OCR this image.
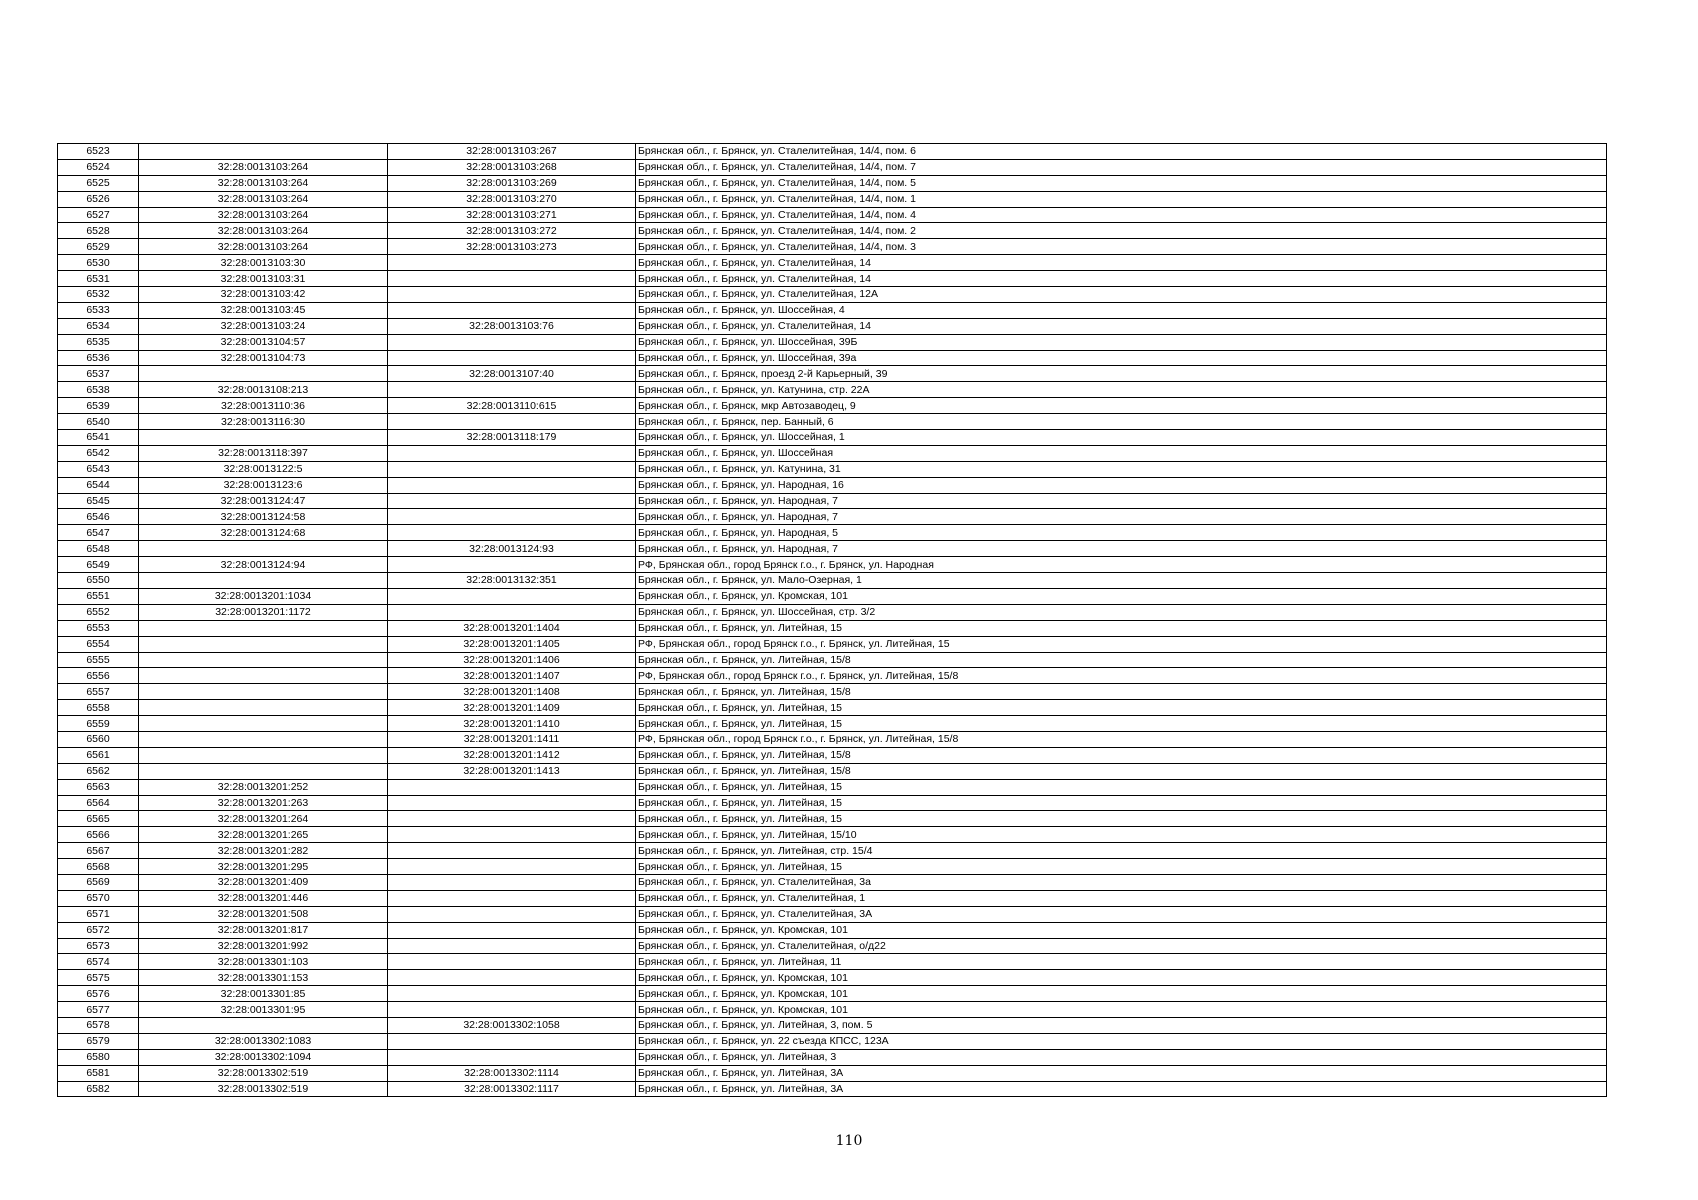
6523		32:28:0013103:267	Брянская обл., г. Брянск, ул. Сталелитейная, 14/4, пом. 6
6524	32:28:0013103:264	32:28:0013103:268	Брянская обл., г. Брянск, ул. Сталелитейная, 14/4, пом. 7
6525	32:28:0013103:264	32:28:0013103:269	Брянская обл., г. Брянск, ул. Сталелитейная, 14/4, пом. 5
6526	32:28:0013103:264	32:28:0013103:270	Брянская обл., г. Брянск, ул. Сталелитейная, 14/4, пом. 1
6527	32:28:0013103:264	32:28:0013103:271	Брянская обл., г. Брянск, ул. Сталелитейная, 14/4, пом. 4
6528	32:28:0013103:264	32:28:0013103:272	Брянская обл., г. Брянск, ул. Сталелитейная, 14/4, пом. 2
6529	32:28:0013103:264	32:28:0013103:273	Брянская обл., г. Брянск, ул. Сталелитейная, 14/4, пом. 3
6530	32:28:0013103:30		Брянская обл., г. Брянск, ул. Сталелитейная, 14
6531	32:28:0013103:31		Брянская обл., г. Брянск, ул. Сталелитейная, 14
6532	32:28:0013103:42		Брянская обл., г. Брянск, ул. Сталелитейная, 12А
6533	32:28:0013103:45		Брянская обл., г. Брянск, ул. Шоссейная, 4
6534	32:28:0013103:24	32:28:0013103:76	Брянская обл., г. Брянск, ул. Сталелитейная, 14
6535	32:28:0013104:57		Брянская обл., г. Брянск, ул. Шоссейная, 39Б
6536	32:28:0013104:73		Брянская обл., г. Брянск, ул. Шоссейная, 39а
6537		32:28:0013107:40	Брянская обл., г. Брянск, проезд 2-й Карьерный, 39
6538	32:28:0013108:213		Брянская обл., г. Брянск, ул. Катунина, стр. 22А
6539	32:28:0013110:36	32:28:0013110:615	Брянская обл., г. Брянск, мкр Автозаводец, 9
6540	32:28:0013116:30		Брянская обл., г. Брянск, пер. Банный, 6
6541		32:28:0013118:179	Брянская обл., г. Брянск, ул. Шоссейная, 1
6542	32:28:0013118:397		Брянская обл., г. Брянск, ул. Шоссейная
6543	32:28:0013122:5		Брянская обл., г. Брянск, ул. Катунина, 31
6544	32:28:0013123:6		Брянская обл., г. Брянск, ул. Народная, 16
6545	32:28:0013124:47		Брянская обл., г. Брянск, ул. Народная, 7
6546	32:28:0013124:58		Брянская обл., г. Брянск, ул. Народная, 7
6547	32:28:0013124:68		Брянская обл., г. Брянск, ул. Народная, 5
6548		32:28:0013124:93	Брянская обл., г. Брянск, ул. Народная, 7
6549	32:28:0013124:94		РФ, Брянская обл., город Брянск г.о., г. Брянск, ул. Народная
6550		32:28:0013132:351	Брянская обл., г. Брянск, ул. Мало-Озерная, 1
6551	32:28:0013201:1034		Брянская обл., г. Брянск, ул. Кромская, 101
6552	32:28:0013201:1172		Брянская обл., г. Брянск, ул. Шоссейная, стр. 3/2
6553		32:28:0013201:1404	Брянская обл., г. Брянск, ул. Литейная, 15
6554		32:28:0013201:1405	РФ, Брянская обл., город Брянск г.о., г. Брянск, ул. Литейная, 15
6555		32:28:0013201:1406	Брянская обл., г. Брянск, ул. Литейная, 15/8
6556		32:28:0013201:1407	РФ, Брянская обл., город Брянск г.о., г. Брянск, ул. Литейная, 15/8
6557		32:28:0013201:1408	Брянская обл., г. Брянск, ул. Литейная, 15/8
6558		32:28:0013201:1409	Брянская обл., г. Брянск, ул. Литейная, 15
6559		32:28:0013201:1410	Брянская обл., г. Брянск, ул. Литейная, 15
6560		32:28:0013201:1411	РФ, Брянская обл., город Брянск г.о., г. Брянск, ул. Литейная, 15/8
6561		32:28:0013201:1412	Брянская обл., г. Брянск, ул. Литейная, 15/8
6562		32:28:0013201:1413	Брянская обл., г. Брянск, ул. Литейная, 15/8
6563	32:28:0013201:252		Брянская обл., г. Брянск, ул. Литейная, 15
6564	32:28:0013201:263		Брянская обл., г. Брянск, ул. Литейная, 15
6565	32:28:0013201:264		Брянская обл., г. Брянск, ул. Литейная, 15
6566	32:28:0013201:265		Брянская обл., г. Брянск, ул. Литейная, 15/10
6567	32:28:0013201:282		Брянская обл., г. Брянск, ул. Литейная, стр. 15/4
6568	32:28:0013201:295		Брянская обл., г. Брянск, ул. Литейная, 15
6569	32:28:0013201:409		Брянская обл., г. Брянск, ул. Сталелитейная, 3а
6570	32:28:0013201:446		Брянская обл., г. Брянск, ул. Сталелитейная, 1
6571	32:28:0013201:508		Брянская обл., г. Брянск, ул. Сталелитейная, 3А
6572	32:28:0013201:817		Брянская обл., г. Брянск, ул. Кромская, 101
6573	32:28:0013201:992		Брянская обл., г. Брянск, ул. Сталелитейная, о/д22
6574	32:28:0013301:103		Брянская обл., г. Брянск, ул. Литейная, 11
6575	32:28:0013301:153		Брянская обл., г. Брянск, ул. Кромская, 101
6576	32:28:0013301:85		Брянская обл., г. Брянск, ул. Кромская, 101
6577	32:28:0013301:95		Брянская обл., г. Брянск, ул. Кромская, 101
6578		32:28:0013302:1058	Брянская обл., г. Брянск, ул. Литейная, 3, пом. 5
6579	32:28:0013302:1083		Брянская обл., г. Брянск, ул. 22 съезда КПСС, 123А
6580	32:28:0013302:1094		Брянская обл., г. Брянск, ул. Литейная, 3
6581	32:28:0013302:519	32:28:0013302:1114	Брянская обл., г. Брянск, ул. Литейная, 3А
6582	32:28:0013302:519	32:28:0013302:1117	Брянская обл., г. Брянск, ул. Литейная, 3А
110
